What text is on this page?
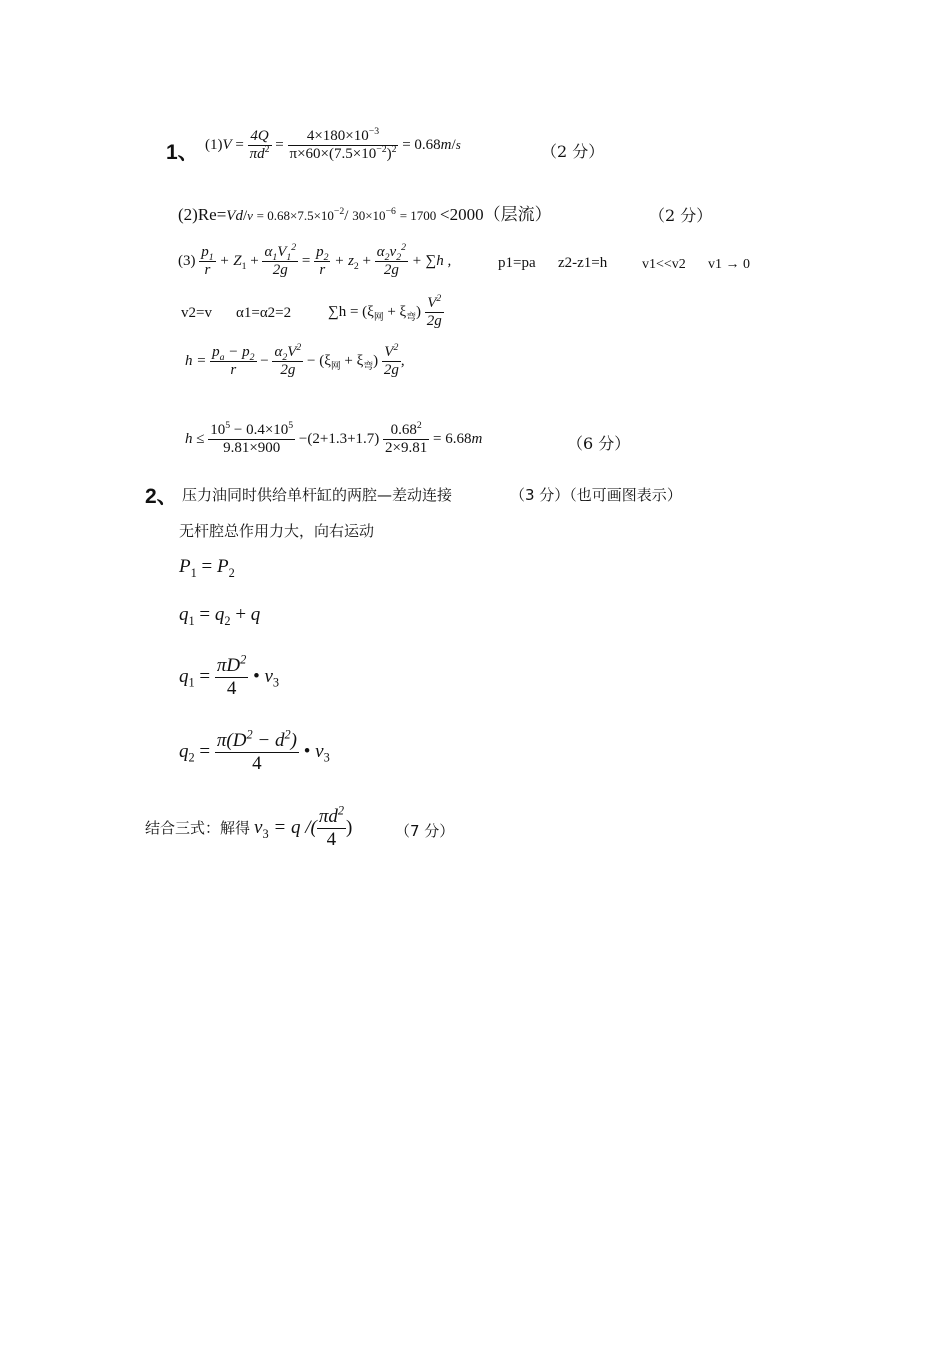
1、 $(1)V = \frac{4Q}{\pi d^2} = \frac{4\times 180\times 10^{-3}}{\pi\times 60\times(7.5\times 10^{-2})^2} = 0.68m/s$	（2 分）
$(2)Re=Vd/v = 0.68\times 7.5\times 10^{-2}/$ $30\times 10^{-6} = 1700 <2000$（层流）	（2 分）
$(3) \frac{p_1}{r} + Z_1 + \frac{\alpha_1V_1^2}{2g} = \frac{p_2}{r} + z_2 + \frac{\alpha_2v_2^2}{2g} + \sum h$ ,	p1=pa z2-z1=h v1<<v2 v1 → 0
v2=v α1=α2=2 $\sum h = (\xi_网 + \xi_弯) \frac{V^2}{2g}$
$h = \frac{p_a - p_2}{r} - \frac{\alpha_2V^2}{2g} - (\xi_网 + \xi_弯) \frac{V^2}{2g}$ ,
$h \le \frac{10^5 - 0.4\times 10^5}{9.81\times 900} -(2+1.3+1.7) \frac{0.68^2}{2\times 9.81} = 6.68m$	（6 分）
2、 压力油同时供给单杆缸的两腔—差动连接	（3 分）（也可画图表示）
无杆腔总作用力大，向右运动
$P_1 = P_2$
$q_1 = q_2 + q$
$q_1 = \frac{\pi D^2}{4}$ • $v_3$
$q_2 = \frac{\pi(D^2 - d^2)}{4}$ • $v_3$
结合三式：解得 $v_3 = q$ /( $\frac{\pi d^2}{4}$ )	（7 分）
